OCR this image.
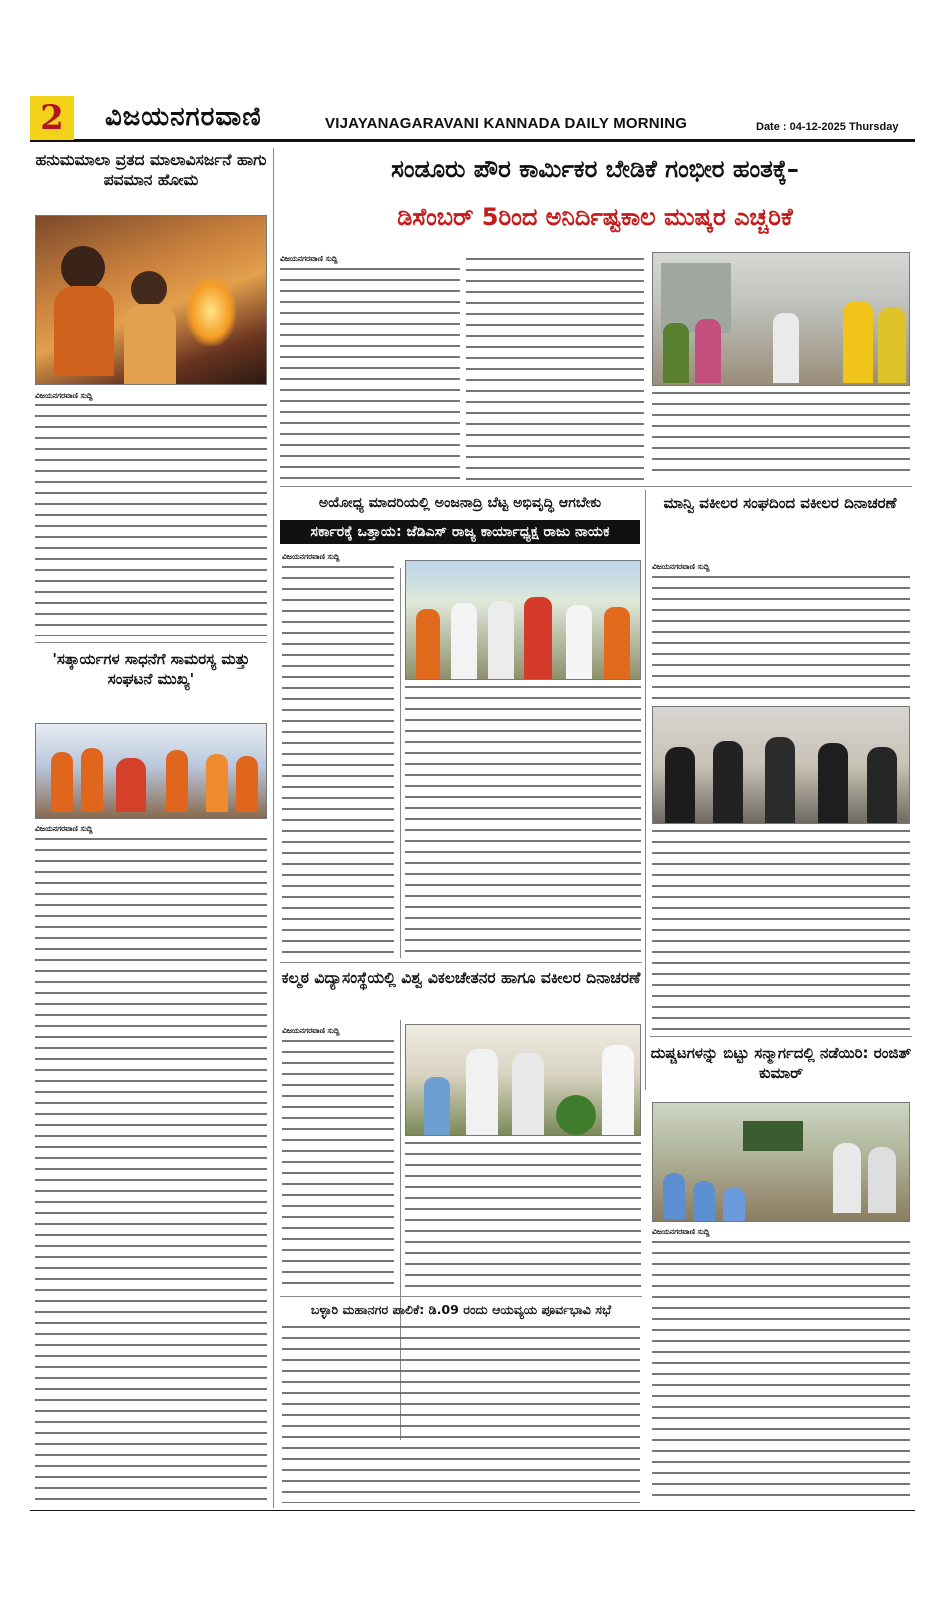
2	ವಿಜಯನಗರವಾಣಿ	VIJAYANAGARAVANI KANNADA DAILY MORNING	Date : 04-12-2025 Thursday
ಹನುಮಮಾಲಾ ವ್ರತದ ಮಾಲಾವಿಸರ್ಜನೆ ಹಾಗು ಪವಮಾನ ಹೋಮ
ವಿಜಯನಗರವಾಣಿ ಸುದ್ದಿ
'ಸತ್ಕಾರ್ಯಗಳ ಸಾಧನೆಗೆ ಸಾಮರಸ್ಯ ಮತ್ತು ಸಂಘಟನೆ ಮುಖ್ಯ'
ವಿಜಯನಗರವಾಣಿ ಸುದ್ದಿ
ಸಂಡೂರು ಪೌರ ಕಾರ್ಮಿಕರ ಬೇಡಿಕೆ ಗಂಭೀರ ಹಂತಕ್ಕೆ–
ಡಿಸೆಂಬರ್ 5ರಿಂದ ಅನಿರ್ದಿಷ್ಟಕಾಲ ಮುಷ್ಕರ ಎಚ್ಚರಿಕೆ
ವಿಜಯನಗರವಾಣಿ ಸುದ್ದಿ
ಅಯೋಧ್ಯ ಮಾದರಿಯಲ್ಲಿ ಅಂಜನಾದ್ರಿ ಬೆಟ್ಟ ಅಭಿವೃದ್ಧಿ ಆಗಬೇಕು
ಸರ್ಕಾರಕ್ಕೆ ಒತ್ತಾಯ: ಜೆಡಿಎಸ್ ರಾಜ್ಯ ಕಾರ್ಯಾಧ್ಯಕ್ಷ ರಾಜು ನಾಯಕ
ವಿಜಯನಗರವಾಣಿ ಸುದ್ದಿ
ಮಾನ್ವಿ ವಕೀಲರ ಸಂಘದಿಂದ ವಕೀಲರ ದಿನಾಚರಣೆ
ವಿಜಯನಗರವಾಣಿ ಸುದ್ದಿ
ಕಲ್ಮಠ ವಿದ್ಯಾಸಂಸ್ಥೆಯಲ್ಲಿ ವಿಶ್ವ ವಿಕಲಚೇತನರ ಹಾಗೂ ವಕೀಲರ ದಿನಾಚರಣೆ
ವಿಜಯನಗರವಾಣಿ ಸುದ್ದಿ
ದುಷ್ಚಟಗಳನ್ನು ಬಿಟ್ಟು ಸನ್ಮಾರ್ಗದಲ್ಲಿ ನಡೆಯಿರಿ: ರಂಜಿತ್ ಕುಮಾರ್
ವಿಜಯನಗರವಾಣಿ ಸುದ್ದಿ
ಬಳ್ಳಾರಿ ಮಹಾನಗರ ಪಾಲಿಕೆ: ಡಿ.09 ರಂದು ಆಯವ್ಯಯ ಪೂರ್ವಭಾವಿ ಸಭೆ
